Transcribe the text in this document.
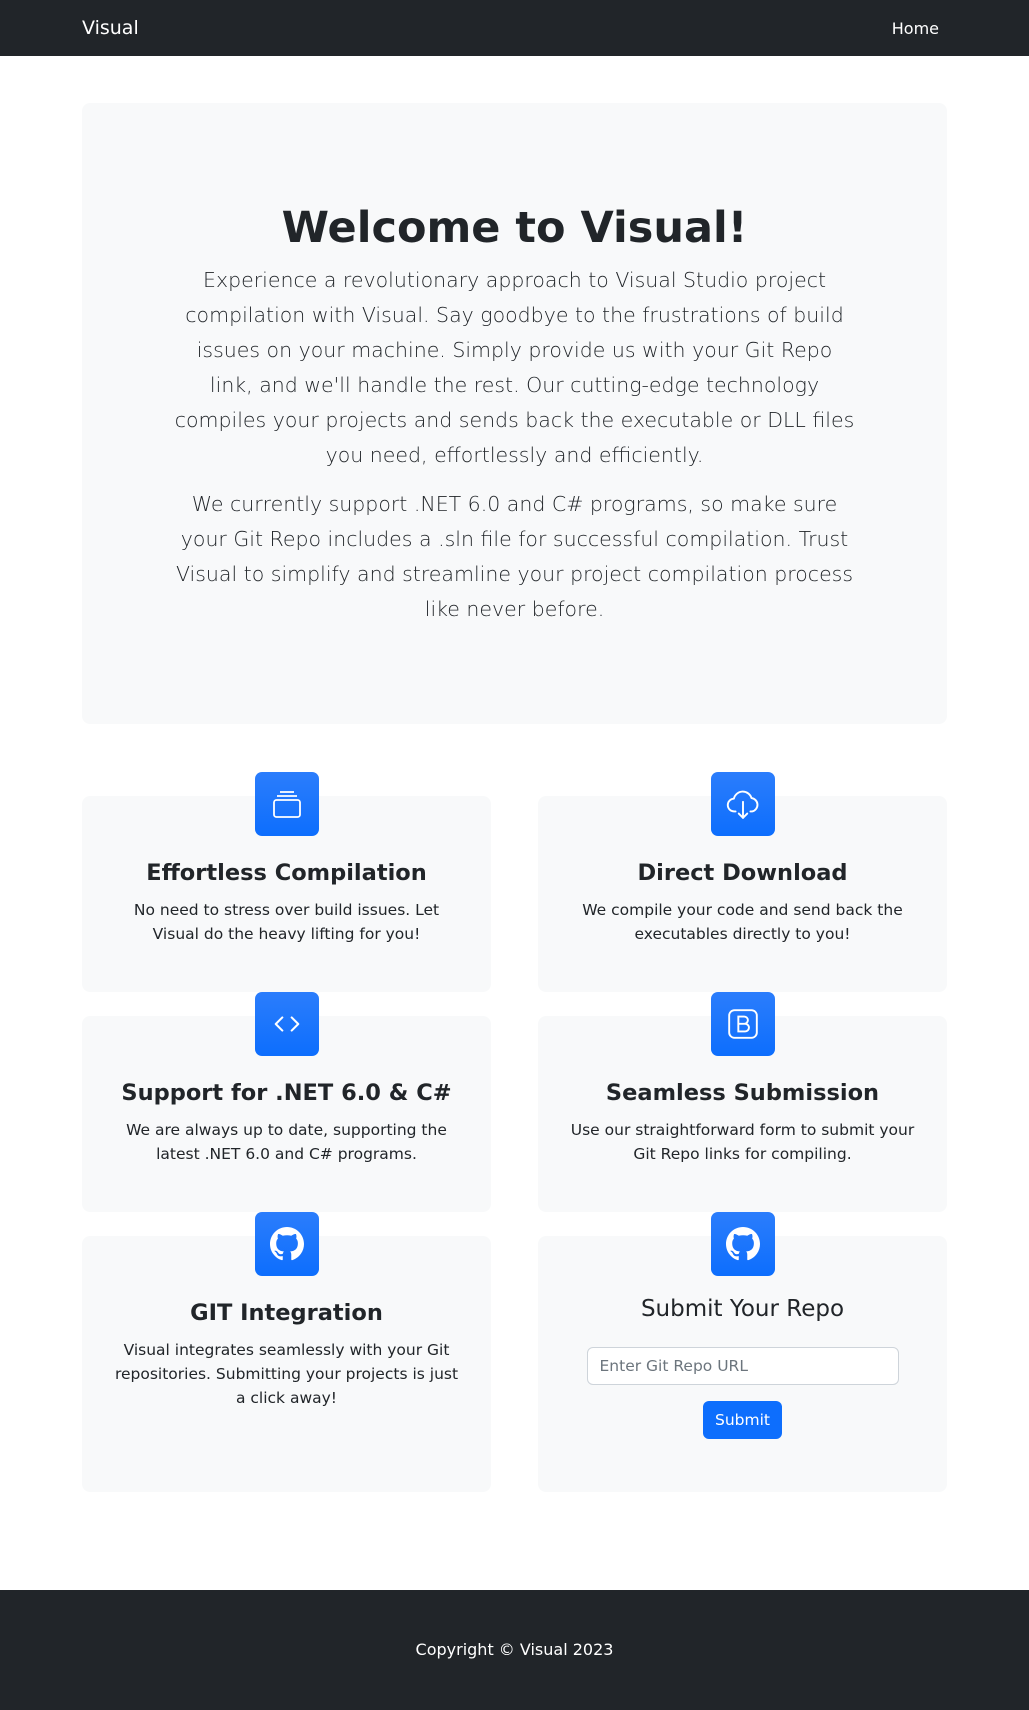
Visual	Home
Welcome to Visual!

Experience a revolutionary approach to Visual Studio project compilation with Visual. Say goodbye to the frustrations of build issues on your machine. Simply provide us with your Git Repo link, and we'll handle the rest. Our cutting-edge technology compiles your projects and sends back the executable or DLL files you need, effortlessly and efficiently.

We currently support .NET 6.0 and C# programs, so make sure your Git Repo includes a .sln file for successful compilation. Trust Visual to simplify and streamline your project compilation process like never before.

Effortless Compilation

No need to stress over build issues. Let Visual do the heavy lifting for you!

Direct Download

We compile your code and send back the executables directly to you!

Support for .NET 6.0 & C#

We are always up to date, supporting the latest .NET 6.0 and C# programs.

Seamless Submission

Use our straightforward form to submit your Git Repo links for compiling.

GIT Integration

Visual integrates seamlessly with your Git repositories. Submitting your projects is just a click away!

Submit Your Repo
Enter Git Repo URL Submit
Copyright © Visual 2023
